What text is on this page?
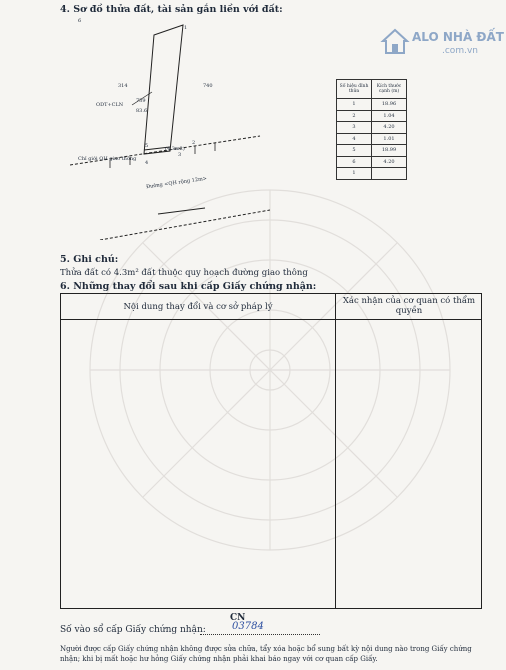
ALO NHÀ ĐẤT
.com.vn
4. Sơ đồ thửa đất, tài sản gắn liền với đất:
6
1
2
3
4
5
314	740
ODT+CLN
739
83.6
Chỉ giới QH giao thông
(4.3m2)
Đường <QH rộng 12m>
Số hiệu đỉnh thửa	Kích thước cạnh (m)
1	18.96
2	1.04
3	4.20
4	1.01
5	18.99
6	4.20
1	
5. Ghi chú:
Thửa đất có 4.3m² đất thuộc quy hoạch đường giao thông
6. Những thay đổi sau khi cấp Giấy chứng nhận:
Nội dung thay đổi và cơ sở pháp lý
Xác nhận của cơ quan có thẩm quyền
CN
Số vào sổ cấp Giấy chứng nhận:	03784
Người được cấp Giấy chứng nhận không được sửa chữa, tẩy xóa hoặc bổ sung bất kỳ nội dung nào trong Giấy chứng nhận; khi bị mất hoặc hư hỏng Giấy chứng nhận phải khai báo ngay với cơ quan cấp Giấy.
